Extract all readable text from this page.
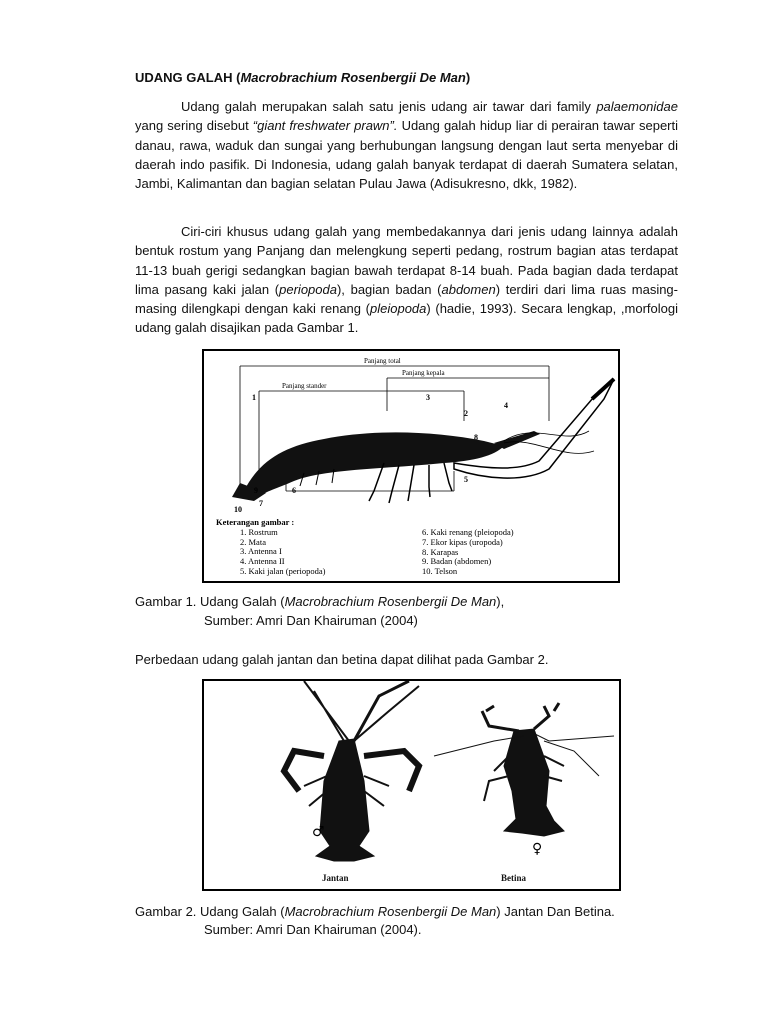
UDANG GALAH (Macrobrachium Rosenbergii De Man)
Udang galah merupakan salah satu jenis udang air tawar dari family palaemonidae yang sering disebut “giant freshwater prawn”. Udang galah hidup liar di perairan tawar seperti danau, rawa, waduk dan sungai yang berhubungan langsung dengan laut serta menyebar di daerah indo pasifik. Di Indonesia, udang galah banyak terdapat di daerah Sumatera selatan, Jambi, Kalimantan dan bagian selatan Pulau Jawa (Adisukresno, dkk, 1982).
Ciri-ciri khusus udang galah yang membedakannya dari jenis udang lainnya adalah bentuk rostum yang Panjang dan melengkung seperti pedang, rostrum bagian atas terdapat 11-13 buah gerigi sedangkan bagian bawah terdapat 8-14 buah. Pada bagian dada terdapat lima pasang kaki jalan (periopoda), bagian badan (abdomen) terdiri dari lima ruas masing-masing dilengkapi dengan kaki renang (pleiopoda) (hadie, 1993). Secara lengkap, ,morfologi udang galah disajikan pada Gambar 1.
Panjang total
Panjang kepala
Panjang stander
1
2
3
4
5
6
7
8
9
10
Keterangan gambar :
1. Rostrum
2. Mata
3. Antenna I
4. Antenna II
5. Kaki jalan (periopoda)
6. Kaki renang (pleiopoda)
7. Ekor kipas (uropoda)
8. Karapas
9. Badan (abdomen)
10. Telson
Gambar 1. Udang Galah (Macrobrachium Rosenbergii De Man),
Sumber: Amri Dan Khairuman (2004)
Perbedaan udang galah jantan dan betina dapat dilihat pada Gambar 2.
♂
♀
Jantan	Betina
Gambar 2. Udang Galah (Macrobrachium Rosenbergii De Man) Jantan Dan Betina.
Sumber: Amri Dan Khairuman (2004).
